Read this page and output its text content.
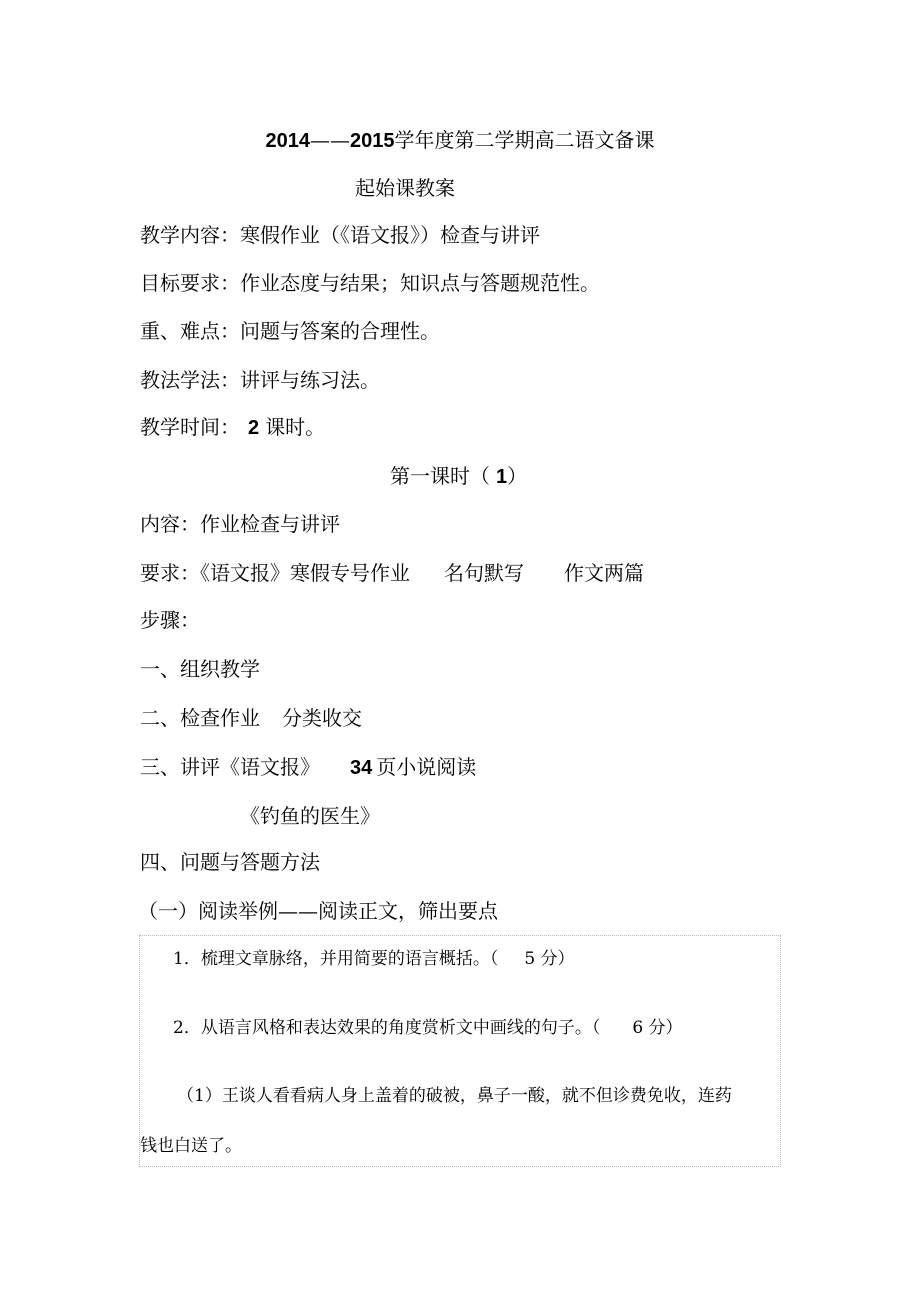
2014——2015学年度第二学期高二语文备课
起始课教案
教学内容：寒假作业（《语文报》）检查与讲评
目标要求：作业态度与结果；知识点与答题规范性。
重、难点：问题与答案的合理性。
教法学法：讲评与练习法。
教学时间： 2 课时。
第一课时（ 1）
内容：作业检查与讲评
要求：《语文报》寒假专号作业 名句默写 作文两篇
步骤：
一、组织教学
二、检查作业 分类收交
三、讲评《语文报》 34 页小说阅读
《钓鱼的医生》
四、问题与答题方法
（一）阅读举例——阅读正文，筛出要点
1．梳理文章脉络，并用简要的语言概括。（ 5 分）
2．从语言风格和表达效果的角度赏析文中画线的句子。（ 6 分）
（1）王谈人看看病人身上盖着的破被，鼻子一酸，就不但诊费免收，连药
钱也白送了。
